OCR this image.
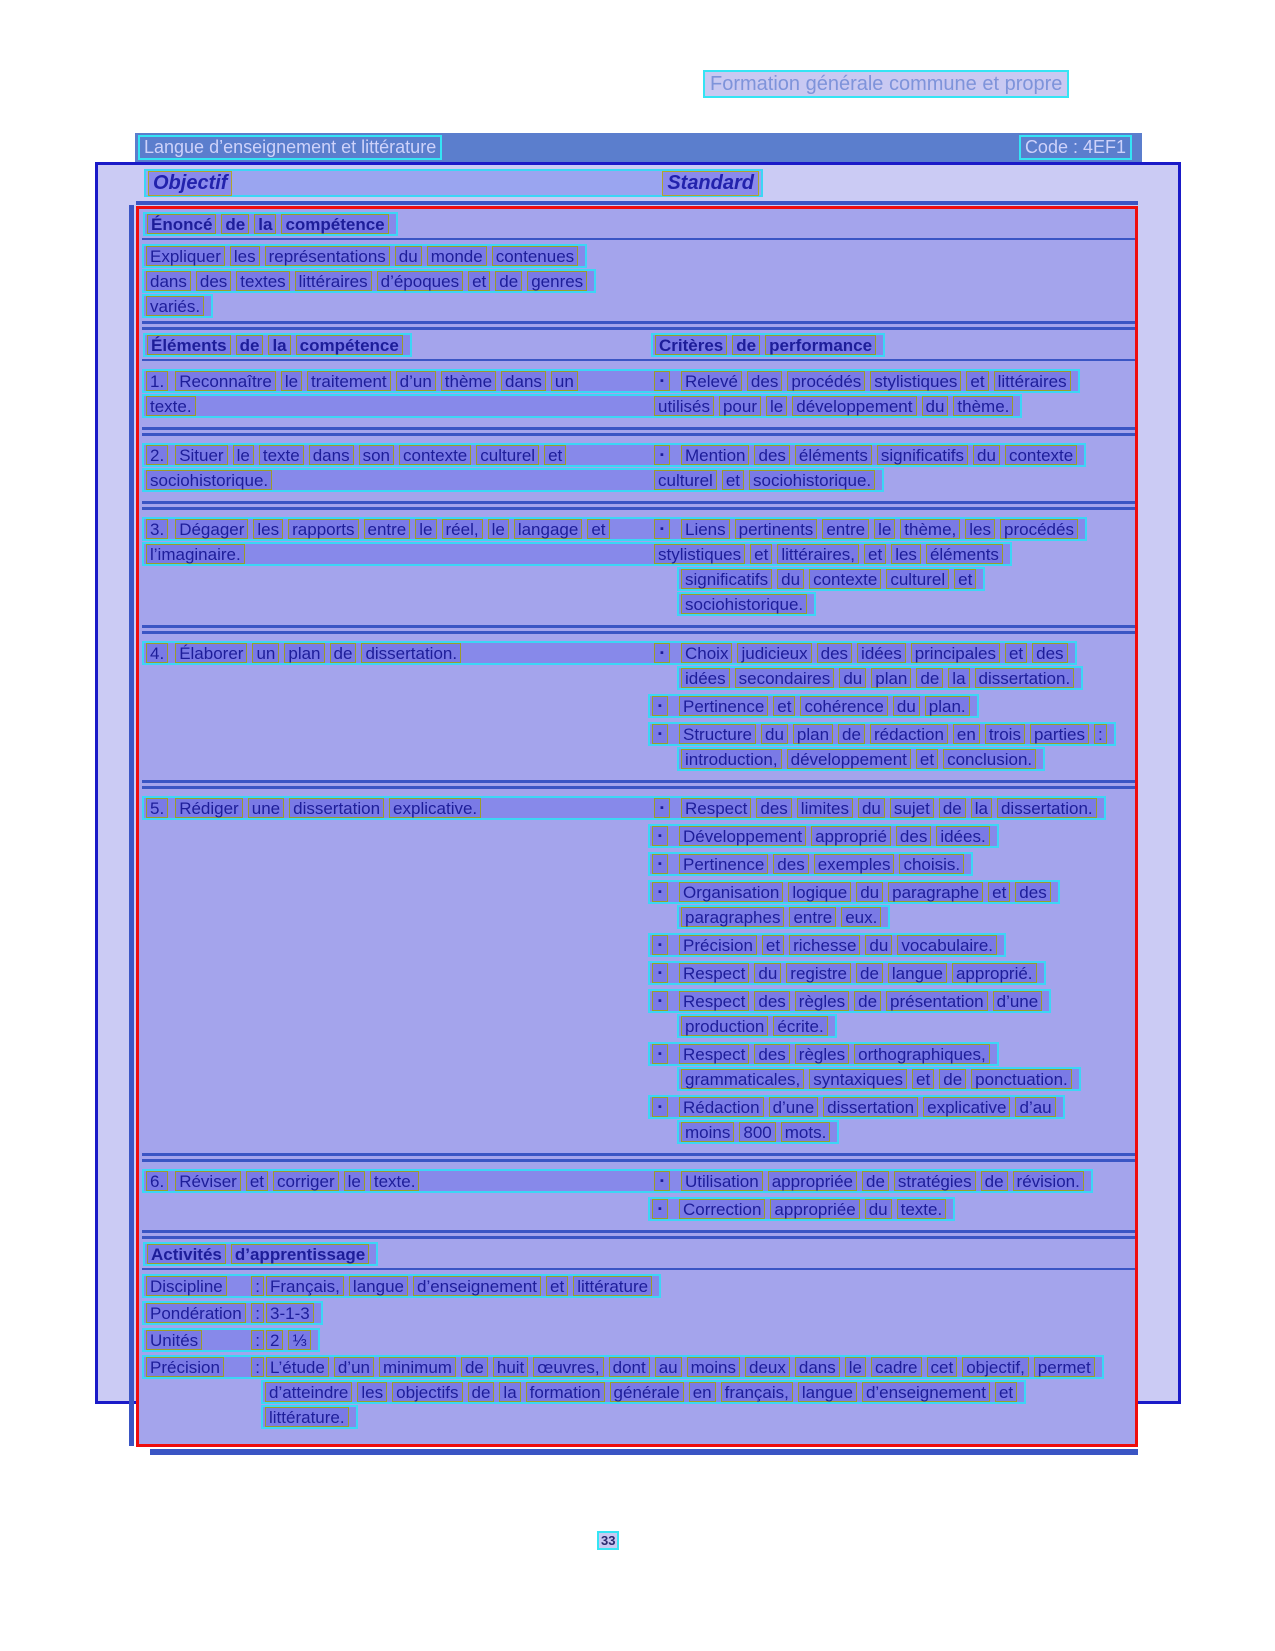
Formation générale commune et propre
Langue d’enseignement et littérature	Code : 4EF1
Objectif	Standard
Énoncé de la compétence
Expliquer les représentations du monde contenues
dans des textes littéraires d’époques et de genres
variés.
Éléments de la compétence	Critères de performance
1. Reconnaître le traitement d’un thème dans un	▪	Relevé des procédés stylistiques et littéraires
texte.	utilisés pour le développement du thème.
2. Situer le texte dans son contexte culturel et	▪	Mention des éléments significatifs du contexte
sociohistorique.	culturel et sociohistorique.
3. Dégager les rapports entre le réel, le langage et	▪	Liens pertinents entre le thème, les procédés
l’imaginaire.	stylistiques et littéraires, et les éléments
significatifs du contexte culturel et
sociohistorique.
4. Élaborer un plan de dissertation.	▪	Choix judicieux des idées principales et des
idées secondaires du plan de la dissertation.
▪	Pertinence et cohérence du plan.
▪	Structure du plan de rédaction en trois parties :
introduction, développement et conclusion.
5. Rédiger une dissertation explicative.	▪	Respect des limites du sujet de la dissertation.
▪	Développement approprié des idées.
▪	Pertinence des exemples choisis.
▪	Organisation logique du paragraphe et des
paragraphes entre eux.
▪	Précision et richesse du vocabulaire.
▪	Respect du registre de langue approprié.
▪	Respect des règles de présentation d’une
production écrite.
▪	Respect des règles orthographiques,
grammaticales, syntaxiques et de ponctuation.
▪	Rédaction d’une dissertation explicative d’au
moins 800 mots.
6. Réviser et corriger le texte.	▪	Utilisation appropriée de stratégies de révision.
▪	Correction appropriée du texte.
Activités d’apprentissage
Discipline : Français, langue d’enseignement et littérature
Pondération : 3-1-3
Unités	: 2 ⅓
Précision : L’étude d’un minimum de huit œuvres, dont au moins deux dans le cadre cet objectif, permet
d’atteindre les objectifs de la formation générale en français, langue d’enseignement et
littérature.
33
